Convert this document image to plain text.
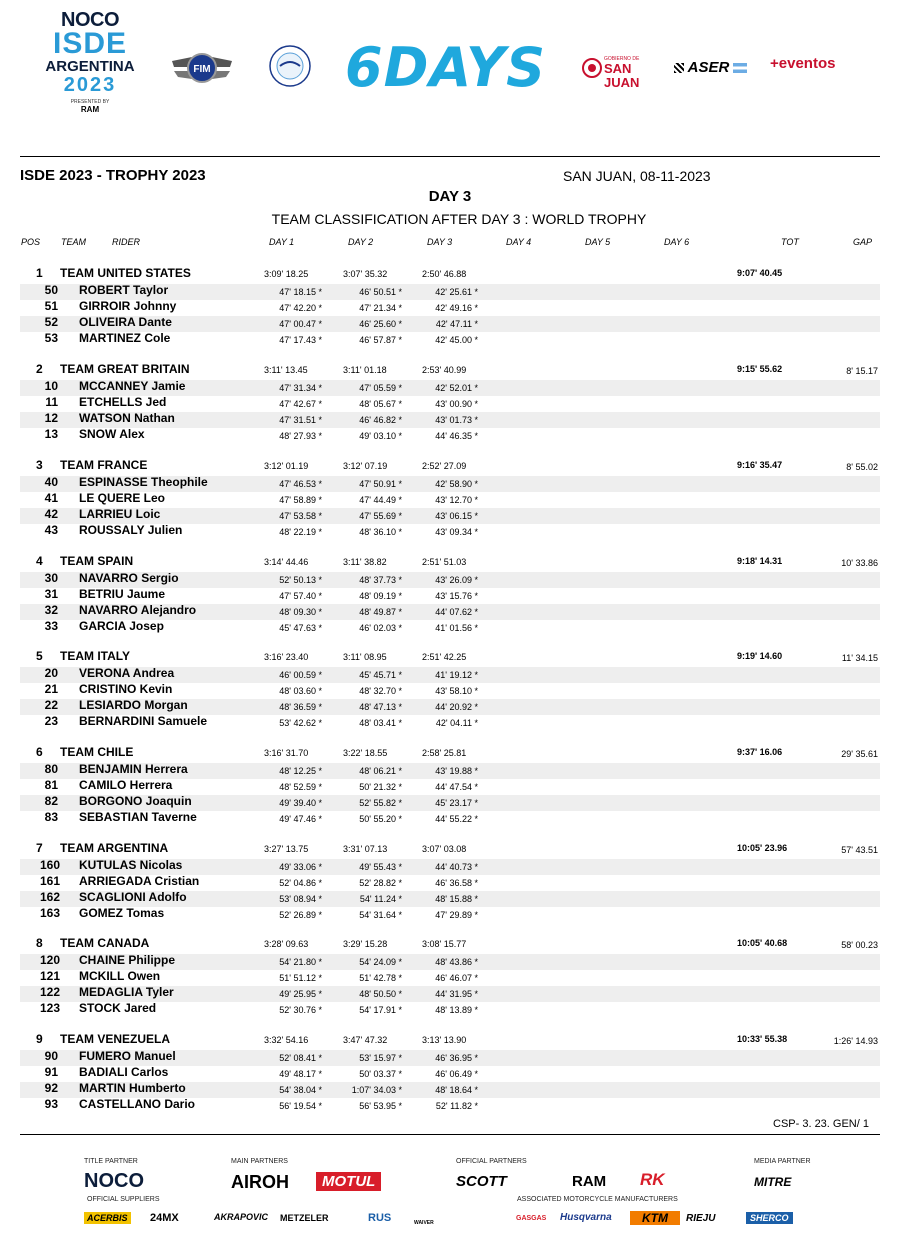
NOCO
ISDE
ARGENTINA
2023
PRESENTED BY
RAM
FIM 6DAYS	GOBIERNO DE
SAN JUAN
ASER	+eventos
ISDE 2023 - TROPHY 2023	SAN JUAN, 08-11-2023
DAY 3
TEAM CLASSIFICATION AFTER DAY 3 : WORLD TROPHY
POS TEAM	RIDER	DAY 1	DAY 2	DAY 3	DAY 4	DAY 5	DAY 6	TOT	GAP
1 TEAM UNITED STATES	3:09' 18.25	3:07' 35.32	2:50' 46.88	9:07' 40.45
50 ROBERT Taylor	47' 18.15 *	46' 50.51 *	42' 25.61 *
51 GIRROIR Johnny	47' 42.20 *	47' 21.34 *	42' 49.16 *
52 OLIVEIRA Dante	47' 00.47 *	46' 25.60 *	42' 47.11 *
53 MARTINEZ Cole	47' 17.43 *	46' 57.87 *	42' 45.00 *
2 TEAM GREAT BRITAIN	3:11' 13.45	3:11' 01.18	2:53' 40.99	9:15' 55.62	8' 15.17
10 MCCANNEY Jamie	47' 31.34 *	47' 05.59 *	42' 52.01 *
11 ETCHELLS Jed	47' 42.67 *	48' 05.67 *	43' 00.90 *
12 WATSON Nathan	47' 31.51 *	46' 46.82 *	43' 01.73 *
13 SNOW Alex	48' 27.93 *	49' 03.10 *	44' 46.35 *
3 TEAM FRANCE	3:12' 01.19	3:12' 07.19	2:52' 27.09	9:16' 35.47	8' 55.02
40 ESPINASSE Theophile	47' 46.53 *	47' 50.91 *	42' 58.90 *
41 LE QUERE Leo	47' 58.89 *	47' 44.49 *	43' 12.70 *
42 LARRIEU Loic	47' 53.58 *	47' 55.69 *	43' 06.15 *
43 ROUSSALY Julien	48' 22.19 *	48' 36.10 *	43' 09.34 *
4 TEAM SPAIN	3:14' 44.46	3:11' 38.82	2:51' 51.03	9:18' 14.31	10' 33.86
30 NAVARRO Sergio	52' 50.13 *	48' 37.73 *	43' 26.09 *
31 BETRIU Jaume	47' 57.40 *	48' 09.19 *	43' 15.76 *
32 NAVARRO Alejandro	48' 09.30 *	48' 49.87 *	44' 07.62 *
33 GARCIA Josep	45' 47.63 *	46' 02.03 *	41' 01.56 *
5 TEAM ITALY	3:16' 23.40	3:11' 08.95	2:51' 42.25	9:19' 14.60	11' 34.15
20 VERONA Andrea	46' 00.59 *	45' 45.71 *	41' 19.12 *
21 CRISTINO Kevin	48' 03.60 *	48' 32.70 *	43' 58.10 *
22 LESIARDO Morgan	48' 36.59 *	48' 47.13 *	44' 20.92 *
23 BERNARDINI Samuele	53' 42.62 *	48' 03.41 *	42' 04.11 *
6 TEAM CHILE	3:16' 31.70	3:22' 18.55	2:58' 25.81	9:37' 16.06	29' 35.61
80 BENJAMIN Herrera	48' 12.25 *	48' 06.21 *	43' 19.88 *
81 CAMILO Herrera	48' 52.59 *	50' 21.32 *	44' 47.54 *
82 BORGONO Joaquin	49' 39.40 *	52' 55.82 *	45' 23.17 *
83 SEBASTIAN Taverne	49' 47.46 *	50' 55.20 *	44' 55.22 *
7 TEAM ARGENTINA	3:27' 13.75	3:31' 07.13	3:07' 03.08	10:05' 23.96	57' 43.51
160 KUTULAS Nicolas	49' 33.06 *	49' 55.43 *	44' 40.73 *
161 ARRIEGADA Cristian	52' 04.86 *	52' 28.82 *	46' 36.58 *
162 SCAGLIONI Adolfo	53' 08.94 *	54' 11.24 *	48' 15.88 *
163 GOMEZ Tomas	52' 26.89 *	54' 31.64 *	47' 29.89 *
8 TEAM CANADA	3:28' 09.63	3:29' 15.28	3:08' 15.77	10:05' 40.68	58' 00.23
120 CHAINE Philippe	54' 21.80 *	54' 24.09 *	48' 43.86 *
121 MCKILL Owen	51' 51.12 *	51' 42.78 *	46' 46.07 *
122 MEDAGLIA Tyler	49' 25.95 *	48' 50.50 *	44' 31.95 *
123 STOCK Jared	52' 30.76 *	54' 17.91 *	48' 13.89 *
9 TEAM VENEZUELA	3:32' 54.16	3:47' 47.32	3:13' 13.90	10:33' 55.38	1:26' 14.93
90 FUMERO Manuel	52' 08.41 *	53' 15.97 *	46' 36.95 *
91 BADIALI Carlos	49' 48.17 *	50' 03.37 *	46' 06.49 *
92 MARTIN Humberto	54' 38.04 *	1:07' 34.03 *	48' 18.64 *
93 CASTELLANO Dario	56' 19.54 *	56' 53.95 *	52' 11.82 *
CSP- 3. 23. GEN/ 1
TITLE PARTNER
NOCO
MAIN PARTNERS
AIROH	MOTUL
OFFICIAL PARTNERS
SCOTT	RAM RK
MEDIA PARTNER
MITRE
OFFICIAL SUPPLIERS
ACERBIS 24MX	AKRAPOVIC METZELER	RUS	WAIVER
ASSOCIATED MOTORCYCLE MANUFACTURERS
GASGAS Husqvarna	KTM	RIEJU	SHERCO
